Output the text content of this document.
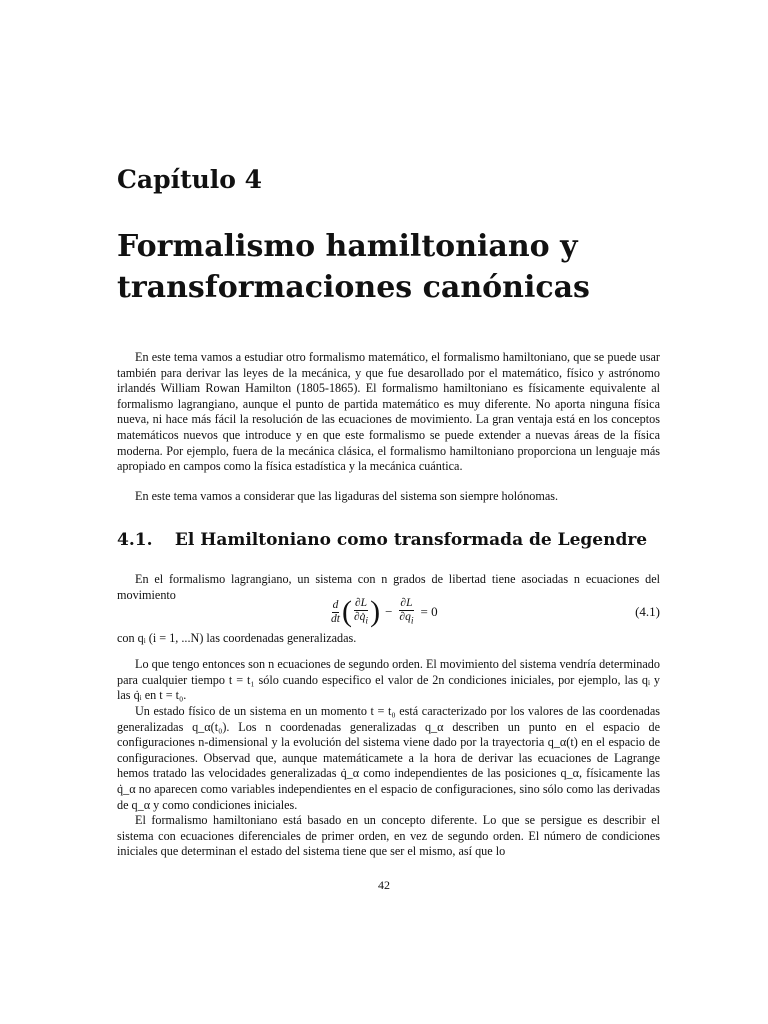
Capítulo 4
Formalismo hamiltoniano y
transformaciones canónicas

En este tema vamos a estudiar otro formalismo matemático, el formalismo hamiltoniano, que se puede usar también para derivar las leyes de la mecánica, y que fue desarollado por el matemático, físico y astrónomo irlandés William Rowan Hamilton (1805-1865). El formalismo hamiltoniano es físicamente equivalente al formalismo lagrangiano, aunque el punto de partida matemático es muy diferente. No aporta ninguna física nueva, ni hace más fácil la resolución de las ecuaciones de movimiento. La gran ventaja está en los conceptos matemáticos nuevos que introduce y en que este formalismo se puede extender a nuevas áreas de la física moderna. Por ejemplo, fuera de la mecánica clásica, el formalismo hamiltoniano proporciona un lenguaje más apropiado en campos como la física estadística y la mecánica cuántica.

En este tema vamos a considerar que las ligaduras del sistema son siempre holónomas.

4.1. El Hamiltoniano como transformada de Legendre

En el formalismo lagrangiano, un sistema con n grados de libertad tiene asociadas n ecuaciones del movimiento

$\frac{d}{dt}$ ( $\frac{\partial L}{\partial q̇_i}$ ) − $\frac{\partial L}{\partial q_i} = 0$	(4.1)

con qᵢ (i = 1, ...N) las coordenadas generalizadas.

Lo que tengo entonces son n ecuaciones de segundo orden. El movimiento del sistema vendría determinado para cualquier tiempo t = t₁ sólo cuando especifico el valor de 2n condiciones iniciales, por ejemplo, las qᵢ y las q̇ᵢ en t = t₀.

Un estado físico de un sistema en un momento t = t₀ está caracterizado por los valores de las coordenadas generalizadas q_α(t₀). Los n coordenadas generalizadas q_α describen un punto en el espacio de configuraciones n-dimensional y la evolución del sistema viene dado por la trayectoria q_α(t) en el espacio de configuraciones. Observad que, aunque matemáticamete a la hora de derivar las ecuaciones de Lagrange hemos tratado las velocidades generalizadas q̇_α como independientes de las posiciones q_α, físicamente las q̇_α no aparecen como variables independientes en el espacio de configuraciones, sino sólo como las derivadas de q_α y como condiciones iniciales.

El formalismo hamiltoniano está basado en un concepto diferente. Lo que se persigue es describir el sistema con ecuaciones diferenciales de primer orden, en vez de segundo orden. El número de condiciones iniciales que determinan el estado del sistema tiene que ser el mismo, así que lo

42
